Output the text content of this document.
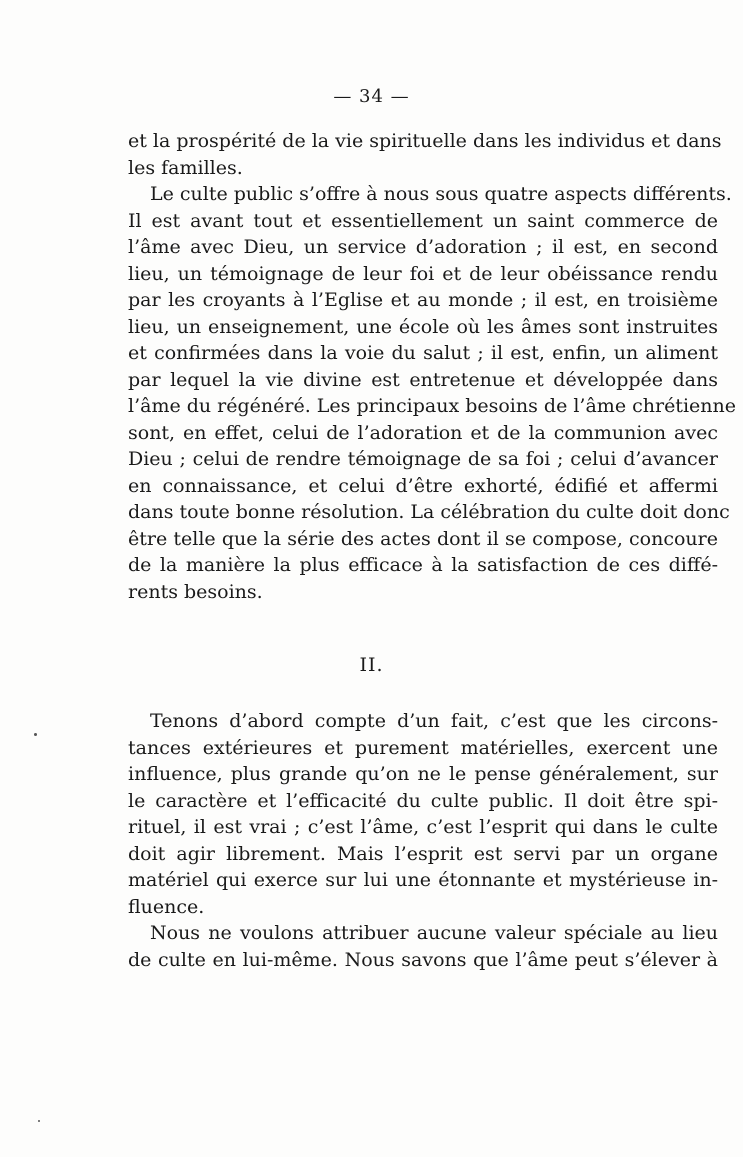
— 34 —

et la prospérité de la vie spirituelle dans les individus et dans
les familles.

Le culte public s’offre à nous sous quatre aspects différents.
Il est avant tout et essentiellement un saint commerce de
l’âme avec Dieu, un service d’adoration ; il est, en second
lieu, un témoignage de leur foi et de leur obéissance rendu
par les croyants à l’Eglise et au monde ; il est, en troisième
lieu, un enseignement, une école où les âmes sont instruites
et confirmées dans la voie du salut ; il est, enfin, un aliment
par lequel la vie divine est entretenue et développée dans
l’âme du régénéré. Les principaux besoins de l’âme chrétienne
sont, en effet, celui de l’adoration et de la communion avec
Dieu ; celui de rendre témoignage de sa foi ; celui d’avancer
en connaissance, et celui d’être exhorté, édifié et affermi
dans toute bonne résolution. La célébration du culte doit donc
être telle que la série des actes dont il se compose, concoure
de la manière la plus efficace à la satisfaction de ces diffé-
rents besoins.

II.

Tenons d’abord compte d’un fait, c’est que les circons-
tances extérieures et purement matérielles, exercent une
influence, plus grande qu’on ne le pense généralement, sur
le caractère et l’efficacité du culte public. Il doit être spi-
rituel, il est vrai ; c’est l’âme, c’est l’esprit qui dans le culte
doit agir librement. Mais l’esprit est servi par un organe
matériel qui exerce sur lui une étonnante et mystérieuse in-
fluence.

Nous ne voulons attribuer aucune valeur spéciale au lieu
de culte en lui-même. Nous savons que l’âme peut s’élever à
